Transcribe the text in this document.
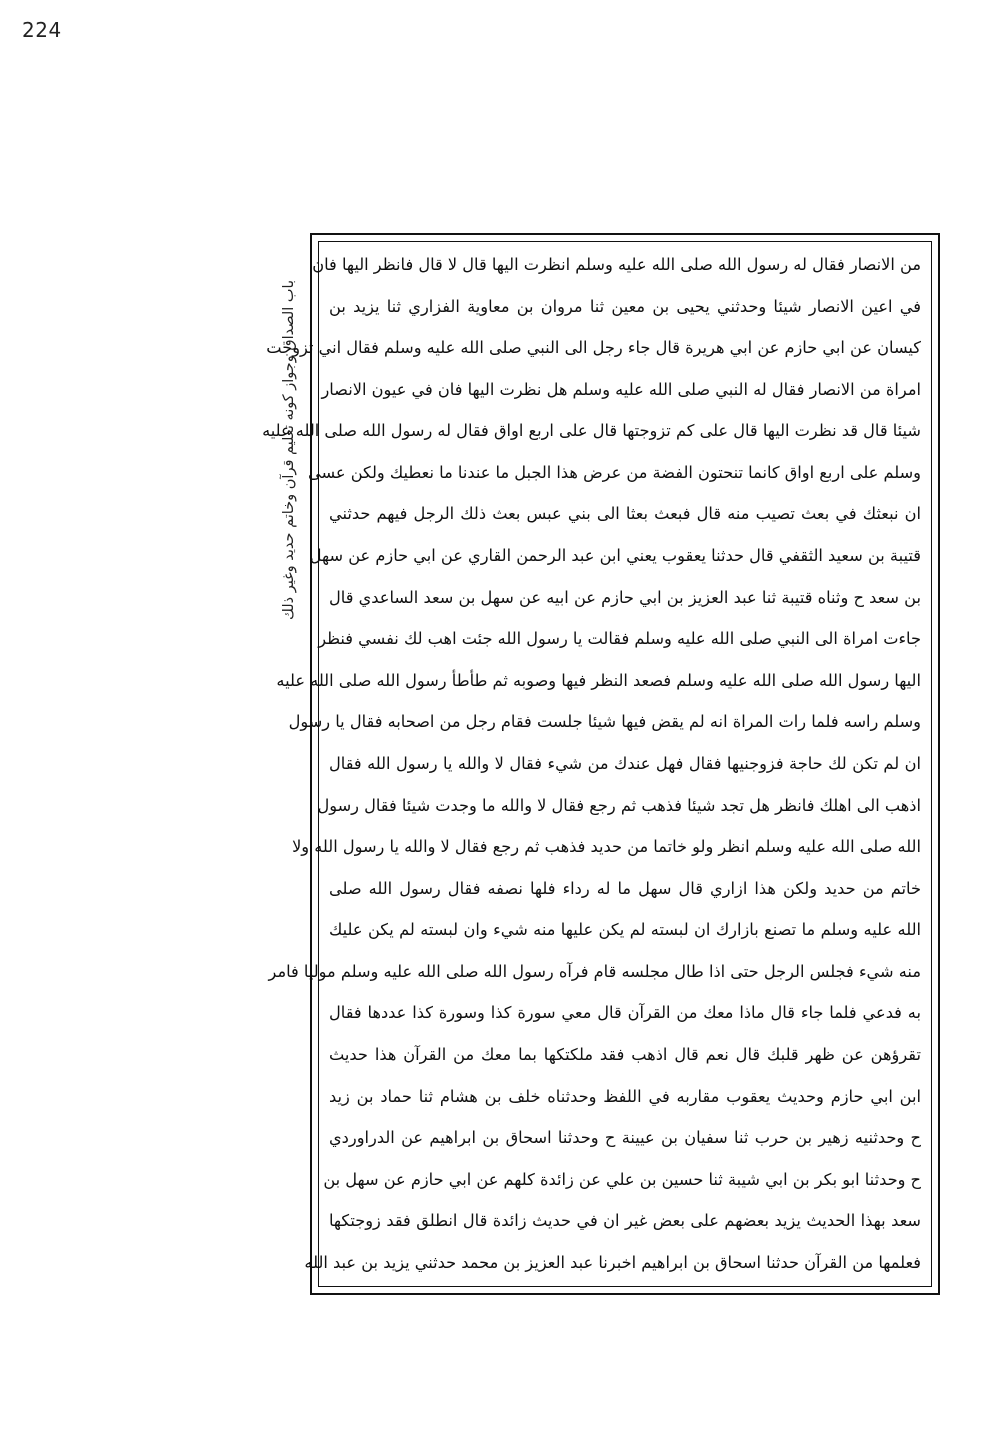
224
باب الصداق وجواز كونه تعليم قرآن وخاتم حديد وغير ذلك
من الانصار فقال له رسول الله صلى الله عليه وسلم انظرت اليها قال لا قال فانظر اليها فان
في اعين الانصار شيئا وحدثني يحيى بن معين ثنا مروان بن معاوية الفزاري ثنا يزيد بن
كيسان عن ابي حازم عن ابي هريرة قال جاء رجل الى النبي صلى الله عليه وسلم فقال اني تزوجت
امراة من الانصار فقال له النبي صلى الله عليه وسلم هل نظرت اليها فان في عيون الانصار
شيئا قال قد نظرت اليها قال على كم تزوجتها قال على اربع اواق فقال له رسول الله صلى الله عليه
وسلم على اربع اواق كانما تنحتون الفضة من عرض هذا الجبل ما عندنا ما نعطيك ولكن عسى
ان نبعثك في بعث تصيب منه قال فبعث بعثا الى بني عبس بعث ذلك الرجل فيهم حدثني
قتيبة بن سعيد الثقفي قال حدثنا يعقوب يعني ابن عبد الرحمن القاري عن ابي حازم عن سهل
بن سعد ح وثناه قتيبة ثنا عبد العزيز بن ابي حازم عن ابيه عن سهل بن سعد الساعدي قال
جاءت امراة الى النبي صلى الله عليه وسلم فقالت يا رسول الله جئت اهب لك نفسي فنظر
اليها رسول الله صلى الله عليه وسلم فصعد النظر فيها وصوبه ثم طأطأ رسول الله صلى الله عليه
وسلم راسه فلما رات المراة انه لم يقض فيها شيئا جلست فقام رجل من اصحابه فقال يا رسول
ان لم تكن لك حاجة فزوجنيها فقال فهل عندك من شيء فقال لا والله يا رسول الله فقال
اذهب الى اهلك فانظر هل تجد شيئا فذهب ثم رجع فقال لا والله ما وجدت شيئا فقال رسول
الله صلى الله عليه وسلم انظر ولو خاتما من حديد فذهب ثم رجع فقال لا والله يا رسول الله ولا
خاتم من حديد ولكن هذا ازاري قال سهل ما له رداء فلها نصفه فقال رسول الله صلى
الله عليه وسلم ما تصنع بازارك ان لبسته لم يكن عليها منه شيء وان لبسته لم يكن عليك
منه شيء فجلس الرجل حتى اذا طال مجلسه قام فرآه رسول الله صلى الله عليه وسلم موليا فامر
به فدعي فلما جاء قال ماذا معك من القرآن قال معي سورة كذا وسورة كذا عددها فقال
تقرؤهن عن ظهر قلبك قال نعم قال اذهب فقد ملكتكها بما معك من القرآن هذا حديث
ابن ابي حازم وحديث يعقوب مقاربه في اللفظ وحدثناه خلف بن هشام ثنا حماد بن زيد
ح وحدثنيه زهير بن حرب ثنا سفيان بن عيينة ح وحدثنا اسحاق بن ابراهيم عن الدراوردي
ح وحدثنا ابو بكر بن ابي شيبة ثنا حسين بن علي عن زائدة كلهم عن ابي حازم عن سهل بن
سعد بهذا الحديث يزيد بعضهم على بعض غير ان في حديث زائدة قال انطلق فقد زوجتكها
فعلمها من القرآن حدثنا اسحاق بن ابراهيم اخبرنا عبد العزيز بن محمد حدثني يزيد بن عبد الله
